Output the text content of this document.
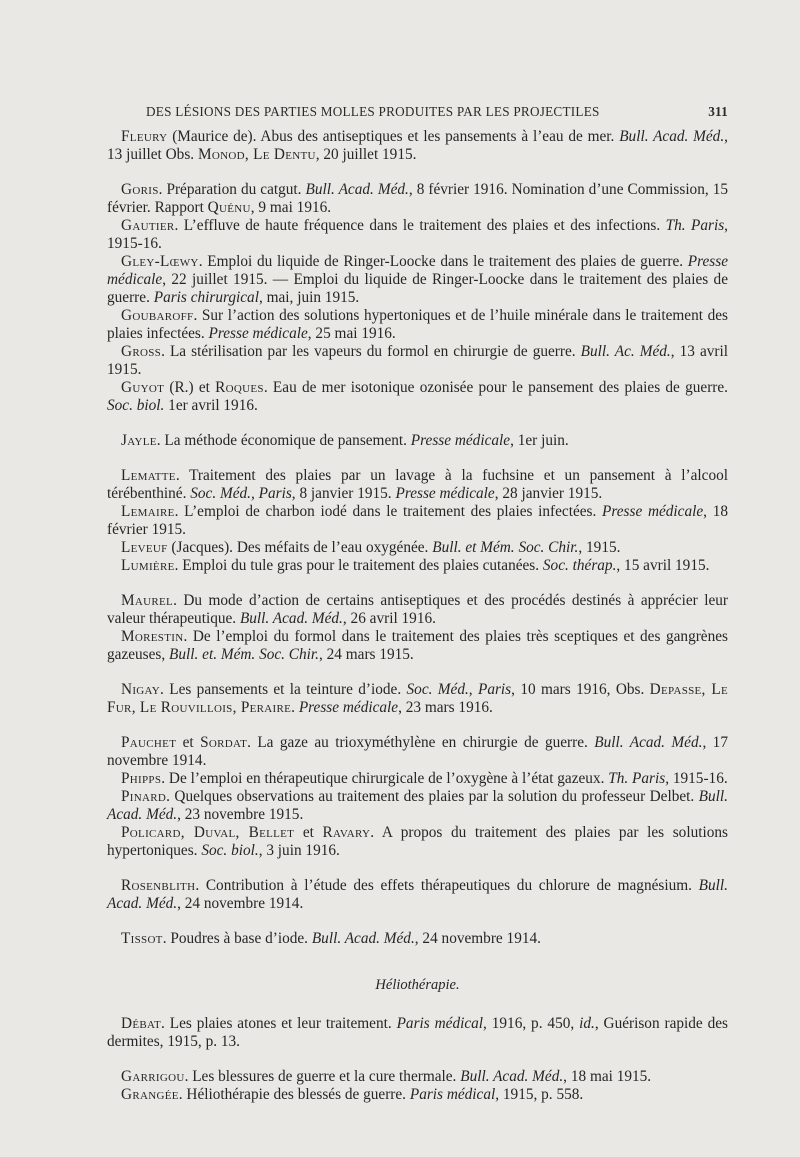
DES LÉSIONS DES PARTIES MOLLES PRODUITES PAR LES PROJECTILES	311

Fleury (Maurice de). Abus des antiseptiques et les pansements à l’eau de mer. Bull. Acad. Méd., 13 juillet Obs. Monod, Le Dentu, 20 juillet 1915.

Goris. Préparation du catgut. Bull. Acad. Méd., 8 février 1916. Nomination d’une Commission, 15 février. Rapport Quénu, 9 mai 1916.

Gautier. L’effluve de haute fréquence dans le traitement des plaies et des infections. Th. Paris, 1915-16.

Gley-Lœwy. Emploi du liquide de Ringer-Loocke dans le traitement des plaies de guerre. Presse médicale, 22 juillet 1915. — Emploi du liquide de Ringer-Loocke dans le traitement des plaies de guerre. Paris chirurgical, mai, juin 1915.

Goubaroff. Sur l’action des solutions hypertoniques et de l’huile minérale dans le traitement des plaies infectées. Presse médicale, 25 mai 1916.

Gross. La stérilisation par les vapeurs du formol en chirurgie de guerre. Bull. Ac. Méd., 13 avril 1915.

Guyot (R.) et Roques. Eau de mer isotonique ozonisée pour le pansement des plaies de guerre. Soc. biol. 1er avril 1916.

Jayle. La méthode économique de pansement. Presse médicale, 1er juin.

Lematte. Traitement des plaies par un lavage à la fuchsine et un pansement à l’alcool térébenthiné. Soc. Méd., Paris, 8 janvier 1915. Presse médicale, 28 janvier 1915.

Lemaire. L’emploi de charbon iodé dans le traitement des plaies infectées. Presse médicale, 18 février 1915.

Leveuf (Jacques). Des méfaits de l’eau oxygénée. Bull. et Mém. Soc. Chir., 1915.

Lumière. Emploi du tule gras pour le traitement des plaies cutanées. Soc. thérap., 15 avril 1915.

Maurel. Du mode d’action de certains antiseptiques et des procédés destinés à apprécier leur valeur thérapeutique. Bull. Acad. Méd., 26 avril 1916.

Morestin. De l’emploi du formol dans le traitement des plaies très sceptiques et des gangrènes gazeuses, Bull. et. Mém. Soc. Chir., 24 mars 1915.

Nigay. Les pansements et la teinture d’iode. Soc. Méd., Paris, 10 mars 1916, Obs. Depasse, Le Fur, Le Rouvillois, Peraire. Presse médicale, 23 mars 1916.

Pauchet et Sordat. La gaze au trioxyméthylène en chirurgie de guerre. Bull. Acad. Méd., 17 novembre 1914.

Phipps. De l’emploi en thérapeutique chirurgicale de l’oxygène à l’état gazeux. Th. Paris, 1915-16.

Pinard. Quelques observations au traitement des plaies par la solution du professeur Delbet. Bull. Acad. Méd., 23 novembre 1915.

Policard, Duval, Bellet et Ravary. A propos du traitement des plaies par les solutions hypertoniques. Soc. biol., 3 juin 1916.

Rosenblith. Contribution à l’étude des effets thérapeutiques du chlorure de magnésium. Bull. Acad. Méd., 24 novembre 1914.

Tissot. Poudres à base d’iode. Bull. Acad. Méd., 24 novembre 1914.

Héliothérapie.

Débat. Les plaies atones et leur traitement. Paris médical, 1916, p. 450, id., Guérison rapide des dermites, 1915, p. 13.

Garrigou. Les blessures de guerre et la cure thermale. Bull. Acad. Méd., 18 mai 1915.

Grangée. Héliothérapie des blessés de guerre. Paris médical, 1915, p. 558.
